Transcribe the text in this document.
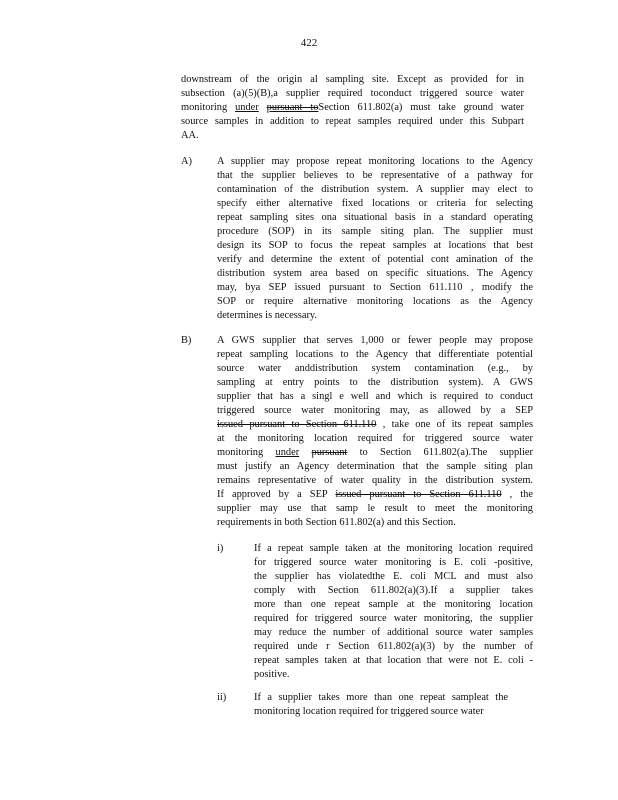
422
downstream of the origin al sampling site. Except as provided for in
subsection (a)(5)(B),a supplier required toconduct triggered source water
monitoring under pursuant toSection 611.802(a) must take ground water
source samples in addition to repeat samples required under this Subpart
AA.
A) A supplier may propose repeat monitoring locations to the Agency
that the supplier believes to be representative of a pathway for
contamination of the distribution system. A supplier may elect to
specify either alternative fixed locations or criteria for selecting
repeat sampling sites ona situational basis in a standard operating
procedure (SOP) in its sample siting plan. The supplier must
design its SOP to focus the repeat samples at locations that best
verify and determine the extent of potential cont amination of the
distribution system area based on specific situations. The Agency
may, bya SEP issued pursuant to Section 611.110 , modify the
SOP or require alternative monitoring locations as the Agency
determines is necessary.
B) A GWS supplier that serves 1,000 or fewer people may propose
repeat sampling locations to the Agency that differentiate potential
source water anddistribution system contamination (e.g., by
sampling at entry points to the distribution system). A GWS
supplier that has a singl e well and which is required to conduct
triggered source water monitoring may, as allowed by a SEP
issued pursuant to Section 611.110 , take one of its repeat samples
at the monitoring location required for triggered source water
monitoring under pursuant to Section 611.802(a).The supplier
must justify an Agency determination that the sample siting plan
remains representative of water quality in the distribution system.
If approved by a SEP issued pursuant to Section 611.110 , the
supplier may use that samp le result to meet the monitoring
requirements in both Section 611.802(a) and this Section.
i)	If a repeat sample taken at the monitoring location required
for triggered source water monitoring is E. coli -positive,
the supplier has violatedthe E. coli MCL and must also
comply with Section 611.802(a)(3).If a supplier takes
more than one repeat sample at the monitoring location
required for triggered source water monitoring, the supplier
may reduce the number of additional source water samples
required unde r Section 611.802(a)(3) by the number of
repeat samples taken at that location that were not E. coli -
positive.
ii)	If a supplier takes more than one repeat sampleat the
monitoring location required for triggered source water
